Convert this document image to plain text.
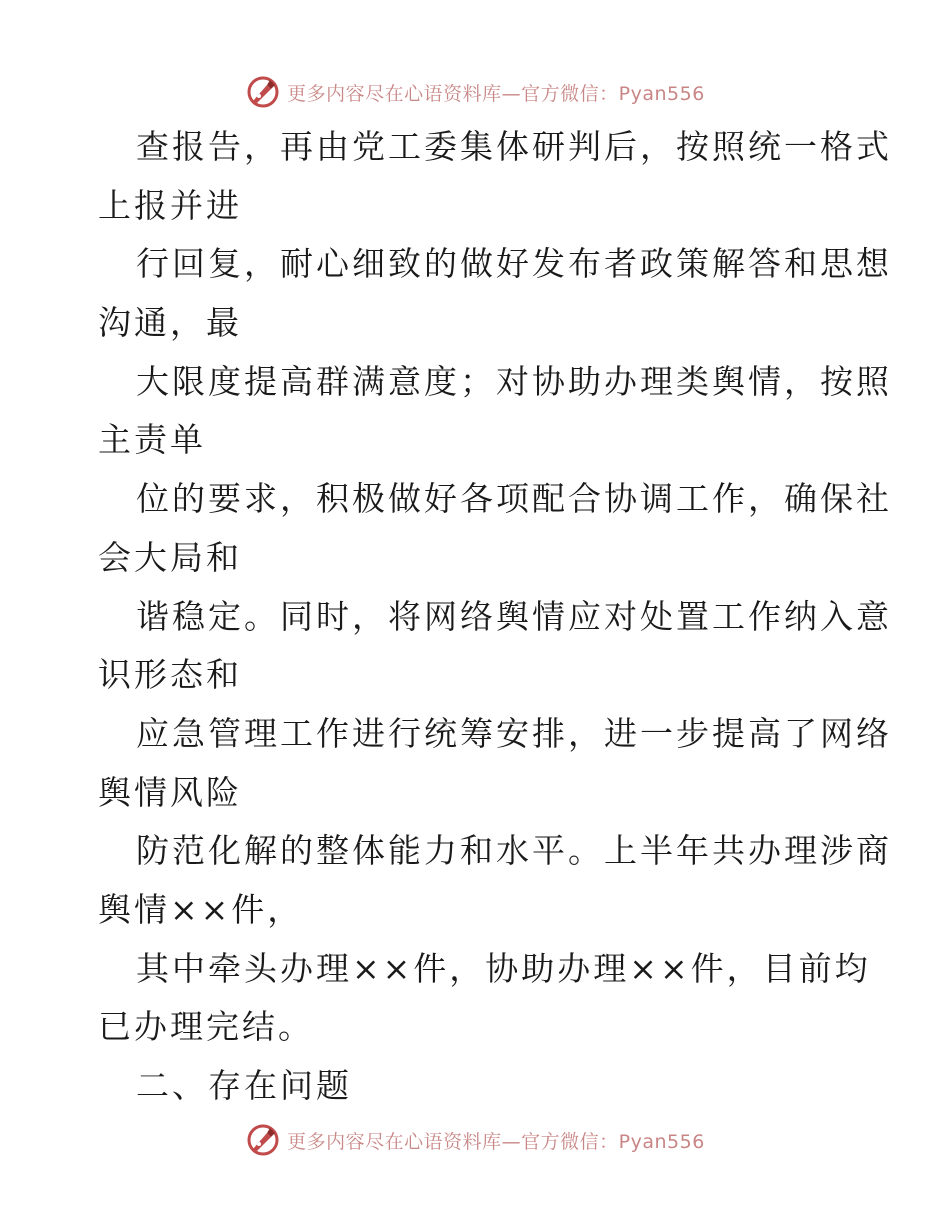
更多内容尽在心语资料库—官方微信：Pyan556
查报告，再由党工委集体研判后，按照统一格式
上报并进
行回复，耐心细致的做好发布者政策解答和思想
沟通，最
大限度提高群满意度；对协助办理类舆情，按照
主责单
位的要求，积极做好各项配合协调工作，确保社
会大局和
谐稳定。同时，将网络舆情应对处置工作纳入意
识形态和
应急管理工作进行统筹安排，进一步提高了网络
舆情风险
防范化解的整体能力和水平。上半年共办理涉商
舆情××件，
其中牵头办理××件，协助办理××件，目前均
已办理完结。
二、存在问题
更多内容尽在心语资料库—官方微信：Pyan556
